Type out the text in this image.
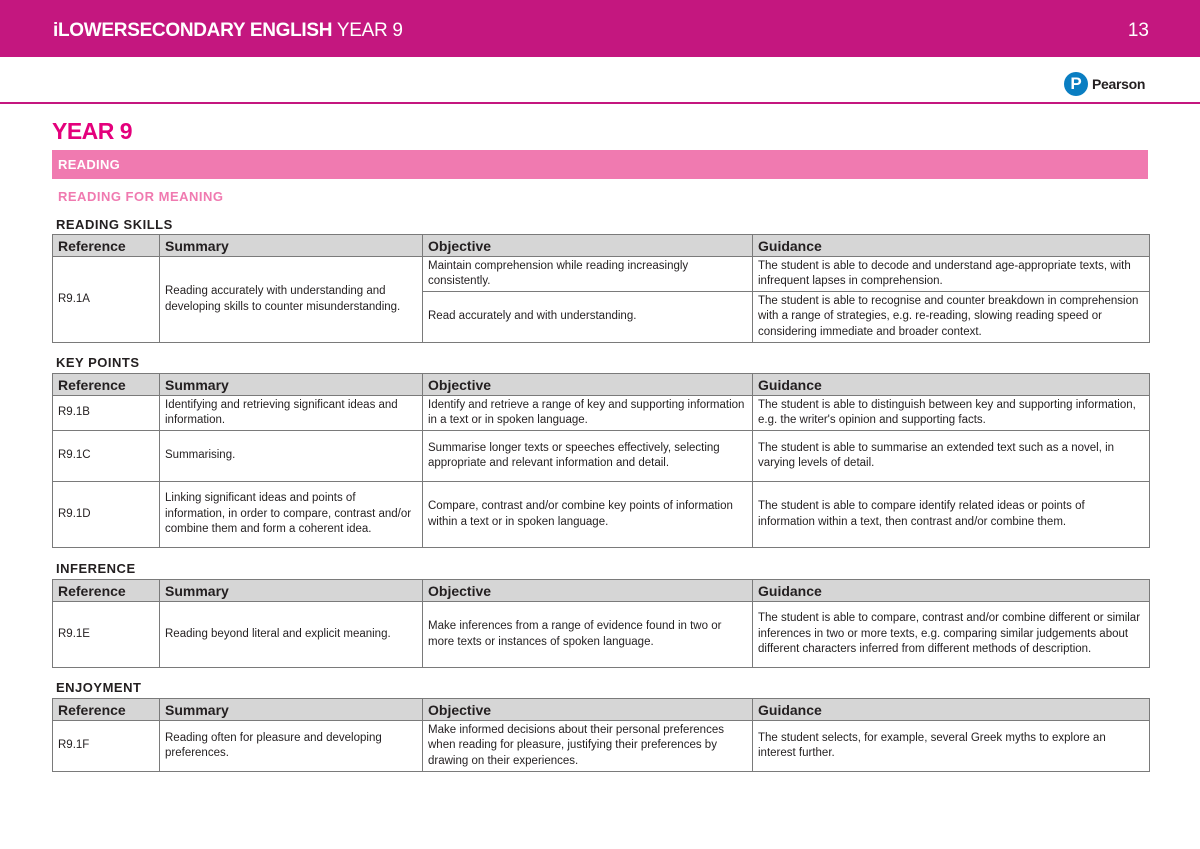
iLOWERSECONDARY ENGLISH YEAR 9	13
P Pearson
YEAR 9
READING
READING FOR MEANING
READING SKILLS
Reference	Summary	Objective	Guidance
R9.1A	Reading accurately with understanding and developing skills to counter misunderstanding.	Maintain comprehension while reading increasingly consistently.	The student is able to decode and understand age-appropriate texts, with infrequent lapses in comprehension.
		Read accurately and with understanding.	The student is able to recognise and counter breakdown in comprehension with a range of strategies, e.g. re-reading, slowing reading speed or considering immediate and broader context.
KEY POINTS
Reference	Summary	Objective	Guidance
R9.1B	Identifying and retrieving significant ideas and information.	Identify and retrieve a range of key and supporting information in a text or in spoken language.	The student is able to distinguish between key and supporting information, e.g. the writer's opinion and supporting facts.
R9.1C	Summarising.	Summarise longer texts or speeches effectively, selecting appropriate and relevant information and detail.	The student is able to summarise an extended text such as a novel, in varying levels of detail.
R9.1D	Linking significant ideas and points of information, in order to compare, contrast and/or combine them and form a coherent idea.	Compare, contrast and/or combine key points of information within a text or in spoken language.	The student is able to compare identify related ideas or points of information within a text, then contrast and/or combine them.
INFERENCE
Reference	Summary	Objective	Guidance
R9.1E	Reading beyond literal and explicit meaning.	Make inferences from a range of evidence found in two or more texts or instances of spoken language.	The student is able to compare, contrast and/or combine different or similar inferences in two or more texts, e.g. comparing similar judgements about different characters inferred from different methods of description.
ENJOYMENT
Reference	Summary	Objective	Guidance
R9.1F	Reading often for pleasure and developing preferences.	Make informed decisions about their personal preferences when reading for pleasure, justifying their preferences by drawing on their experiences.	The student selects, for example, several Greek myths to explore an interest further.
